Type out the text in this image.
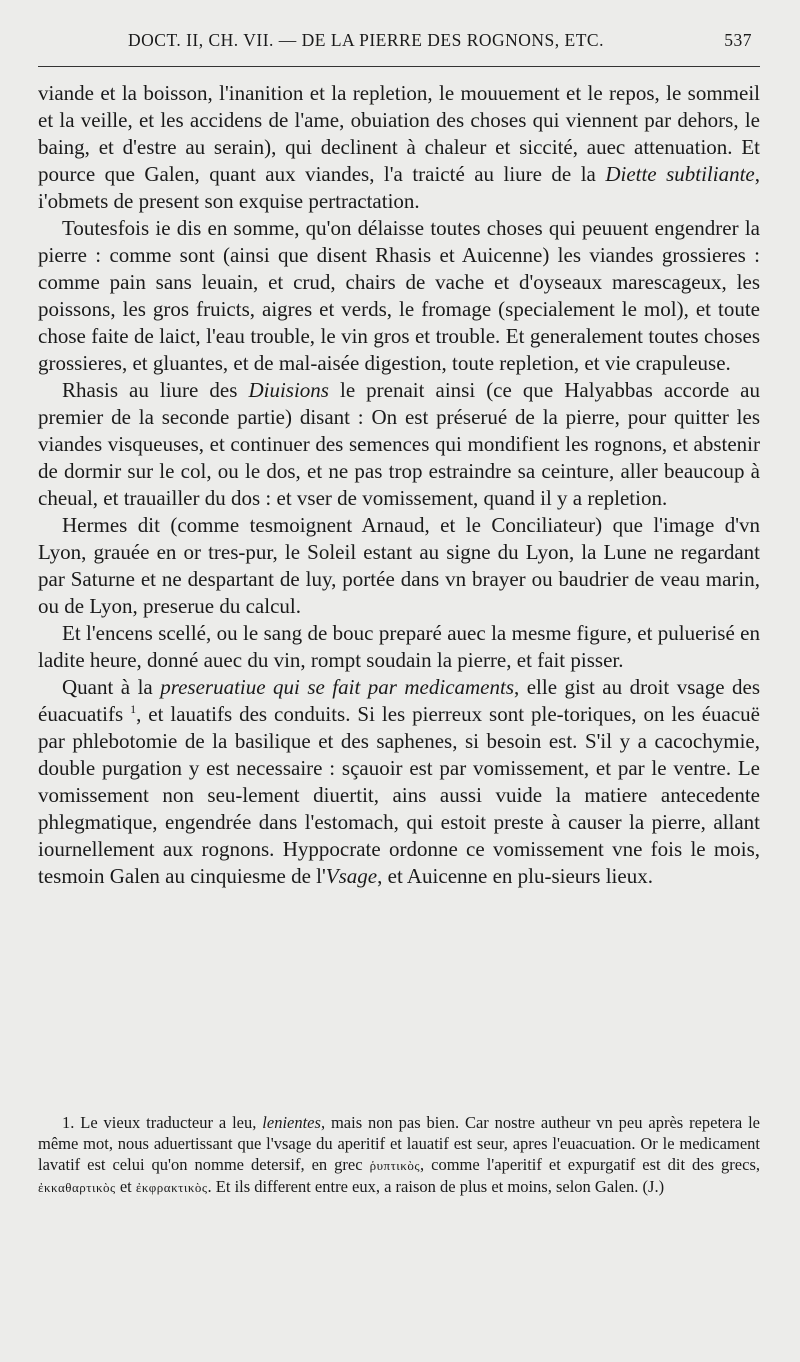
DOCT. II, CH. VII. — DE LA PIERRE DES ROGNONS, ETC.	537

viande et la boisson, l'inanition et la repletion, le mouuement et le repos, le sommeil et la veille, et les accidens de l'ame, obuiation des choses qui viennent par dehors, le baing, et d'estre au serain), qui declinent à chaleur et siccité, auec attenuation. Et pource que Galen, quant aux viandes, l'a traicté au liure de la Diette subtiliante, i'obmets de present son exquise pertractation.

Toutesfois ie dis en somme, qu'on délaisse toutes choses qui peuuent engendrer la pierre : comme sont (ainsi que disent Rhasis et Auicenne) les viandes grossieres : comme pain sans leuain, et crud, chairs de vache et d'oyseaux marescageux, les poissons, les gros fruicts, aigres et verds, le fromage (specialement le mol), et toute chose faite de laict, l'eau trouble, le vin gros et trouble. Et generalement toutes choses grossieres, et gluantes, et de mal-aisée digestion, toute repletion, et vie crapuleuse.

Rhasis au liure des Diuisions le prenait ainsi (ce que Halyabbas accorde au premier de la seconde partie) disant : On est préserué de la pierre, pour quitter les viandes visqueuses, et continuer des semences qui mondifient les rognons, et abstenir de dormir sur le col, ou le dos, et ne pas trop estraindre sa ceinture, aller beaucoup à cheual, et trauailler du dos : et vser de vomissement, quand il y a repletion.

Hermes dit (comme tesmoignent Arnaud, et le Conciliateur) que l'image d'vn Lyon, grauée en or tres-pur, le Soleil estant au signe du Lyon, la Lune ne regardant par Saturne et ne despartant de luy, portée dans vn brayer ou baudrier de veau marin, ou de Lyon, preserue du calcul.

Et l'encens scellé, ou le sang de bouc preparé auec la mesme figure, et puluerisé en ladite heure, donné auec du vin, rompt soudain la pierre, et fait pisser.

Quant à la preseruatiue qui se fait par medicaments, elle gist au droit vsage des éuacuatifs $^1$, et lauatifs des conduits. Si les pierreux sont ple-toriques, on les éuacuë par phlebotomie de la basilique et des saphenes, si besoin est. S'il y a cacochymie, double purgation y est necessaire : sçauoir est par vomissement, et par le ventre. Le vomissement non seu-lement diuertit, ains aussi vuide la matiere antecedente phlegmatique, engendrée dans l'estomach, qui estoit preste à causer la pierre, allant iournellement aux rognons. Hyppocrate ordonne ce vomissement vne fois le mois, tesmoin Galen au cinquiesme de l'Vsage, et Auicenne en plu-sieurs lieux.

1. Le vieux traducteur a leu, lenientes, mais non pas bien. Car nostre autheur vn peu après repetera le même mot, nous aduertissant que l'vsage du aperitif et lauatif est seur, apres l'euacuation. Or le medicament lavatif est celui qu'on nomme detersif, en grec ῥυπτικὸς, comme l'aperitif et expurgatif est dit des grecs, ἐκκαθαρτικὸς et ἐκφρακτικὸς. Et ils different entre eux, a raison de plus et moins, selon Galen. (J.)
